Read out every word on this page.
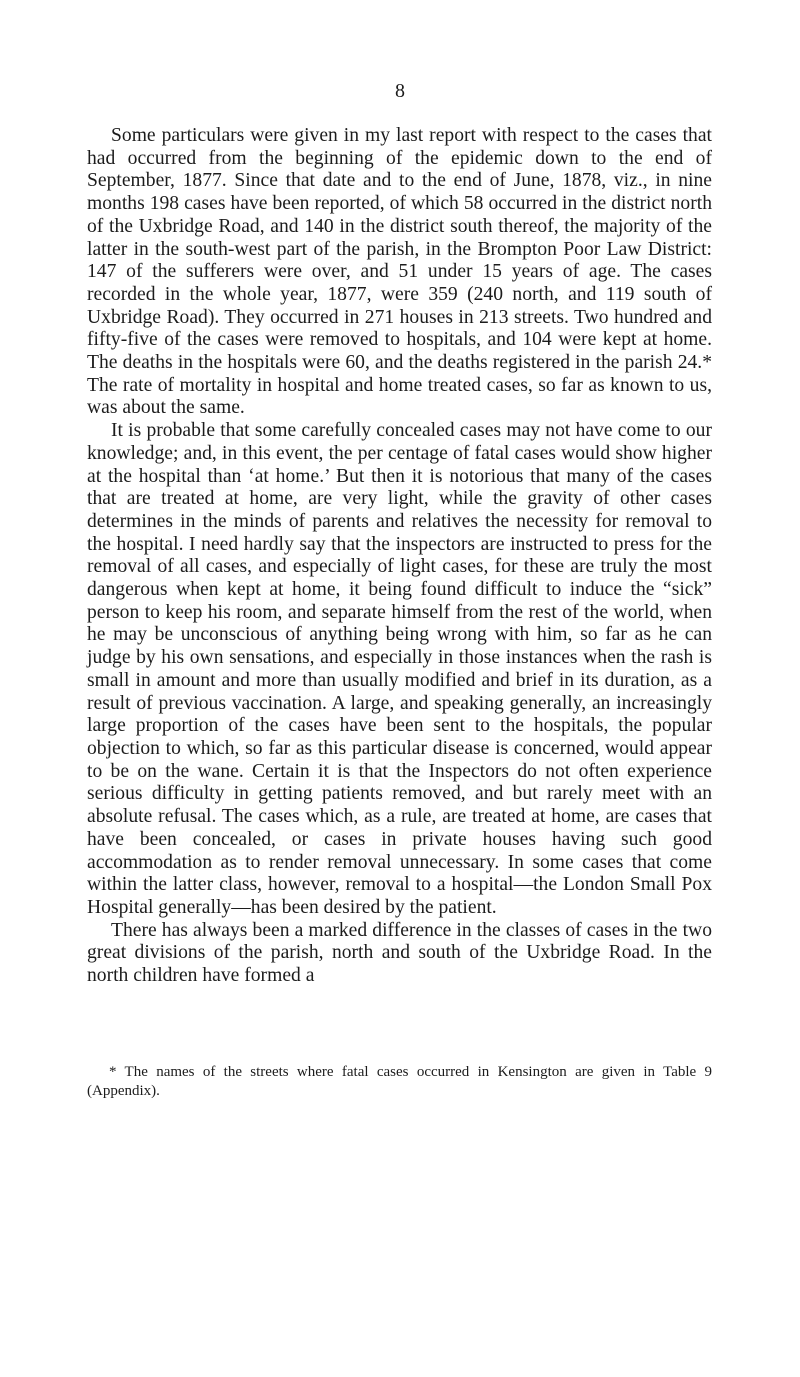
8

Some particulars were given in my last report with respect to the cases that had occurred from the beginning of the epidemic down to the end of September, 1877. Since that date and to the end of June, 1878, viz., in nine months 198 cases have been reported, of which 58 occurred in the district north of the Uxbridge Road, and 140 in the district south thereof, the majority of the latter in the south-west part of the parish, in the Brompton Poor Law District: 147 of the sufferers were over, and 51 under 15 years of age. The cases recorded in the whole year, 1877, were 359 (240 north, and 119 south of Uxbridge Road). They occurred in 271 houses in 213 streets. Two hundred and fifty-five of the cases were removed to hospitals, and 104 were kept at home. The deaths in the hospitals were 60, and the deaths registered in the parish 24.* The rate of mortality in hospital and home treated cases, so far as known to us, was about the same.

It is probable that some carefully concealed cases may not have come to our knowledge; and, in this event, the per centage of fatal cases would show higher at the hospital than ‘at home.’ But then it is notorious that many of the cases that are treated at home, are very light, while the gravity of other cases determines in the minds of parents and relatives the necessity for removal to the hospital. I need hardly say that the inspectors are instructed to press for the removal of all cases, and especially of light cases, for these are truly the most dangerous when kept at home, it being found difficult to induce the “sick” person to keep his room, and separate himself from the rest of the world, when he may be unconscious of anything being wrong with him, so far as he can judge by his own sensations, and especially in those instances when the rash is small in amount and more than usually modified and brief in its duration, as a result of previous vaccination. A large, and speaking generally, an increasingly large proportion of the cases have been sent to the hospitals, the popular objection to which, so far as this particular disease is concerned, would appear to be on the wane. Certain it is that the Inspectors do not often experience serious difficulty in getting patients removed, and but rarely meet with an absolute refusal. The cases which, as a rule, are treated at home, are cases that have been concealed, or cases in private houses having such good accommodation as to render removal unnecessary. In some cases that come within the latter class, however, removal to a hospital—the London Small Pox Hospital generally—has been desired by the patient.

There has always been a marked difference in the classes of cases in the two great divisions of the parish, north and south of the Uxbridge Road. In the north children have formed a

* The names of the streets where fatal cases occurred in Kensington are given in Table 9 (Appendix).
